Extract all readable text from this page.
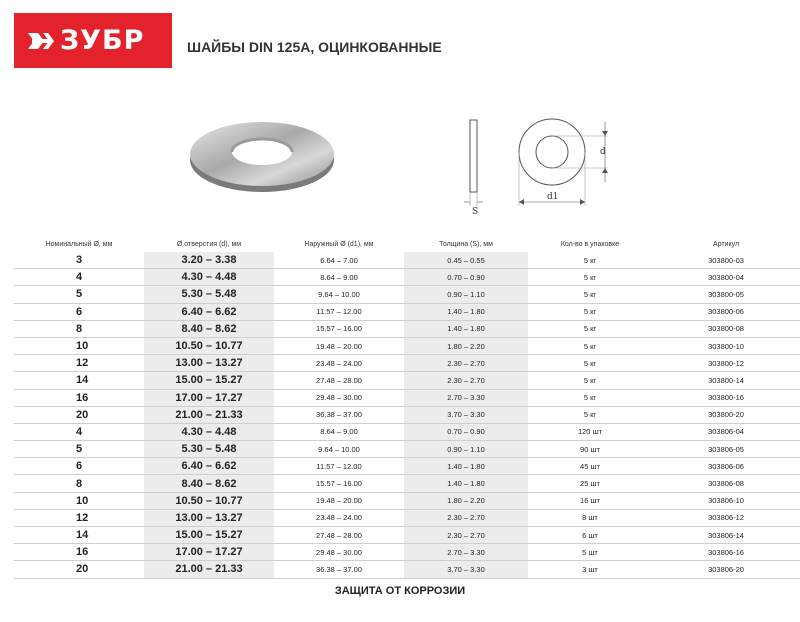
ЗУБР	ШАЙБЫ DIN 125А, ОЦИНКОВАННЫЕ
S
d
d1
Номинальный Ø, мм	Ø отверстия (d), мм	Наружный Ø (d1), мм	Толщина (S), мм	Кол-во в упаковке	Артикул
3	3.20 – 3.38	6.64 – 7.00	0.45 – 0.55	5 кг	303800-03
4	4.30 – 4.48	8.64 – 9.00	0.70 – 0.90	5 кг	303800-04
5	5.30 – 5.48	9.64 – 10.00	0.90 – 1.10	5 кг	303800-05
6	6.40 – 6.62	11.57 – 12.00	1.40 – 1.80	5 кг	303800-06
8	8.40 – 8.62	15.57 – 16.00	1.40 – 1.80	5 кг	303800-08
10	10.50 – 10.77	19.48 – 20.00	1.80 – 2.20	5 кг	303800-10
12	13.00 – 13.27	23.48 – 24.00	2.30 – 2.70	5 кг	303800-12
14	15.00 – 15.27	27.48 – 28.00	2.30 – 2.70	5 кг	303800-14
16	17.00 – 17.27	29.48 – 30.00	2.70 – 3.30	5 кг	303800-16
20	21.00 – 21.33	36.38 – 37.00	3.70 – 3.30	5 кг	303800-20
4	4.30 – 4.48	8.64 – 9.00	0.70 – 0.90	120 шт	303806-04
5	5.30 – 5.48	9.64 – 10.00	0.90 – 1.10	90 шт	303806-05
6	6.40 – 6.62	11.57 – 12.00	1.40 – 1.80	45 шт	303806-06
8	8.40 – 8.62	15.57 – 16.00	1.40 – 1.80	25 шт	303806-08
10	10.50 – 10.77	19.48 – 20.00	1.80 – 2.20	16 шт	303806-10
12	13.00 – 13.27	23.48 – 24.00	2.30 – 2.70	8 шт	303806-12
14	15.00 – 15.27	27.48 – 28.00	2.30 – 2.70	6 шт	303806-14
16	17.00 – 17.27	29.48 – 30.00	2.70 – 3.30	5 шт	303806-16
20	21.00 – 21.33	36.38 – 37.00	3.70 – 3.30	3 шт	303806-20
ЗАЩИТА ОТ КОРРОЗИИ
